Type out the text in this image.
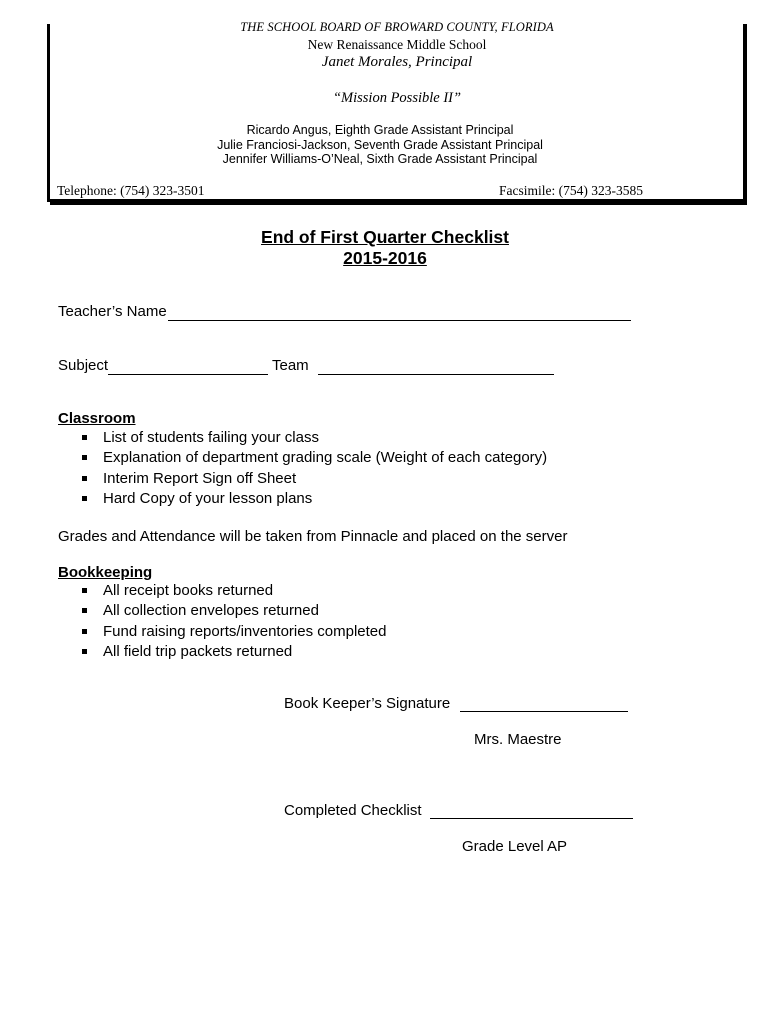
THE SCHOOL BOARD OF BROWARD COUNTY, FLORIDA
New Renaissance Middle School
Janet Morales, Principal
“Mission Possible II”
Ricardo Angus, Eighth Grade Assistant Principal
Julie Franciosi-Jackson, Seventh Grade Assistant Principal
Jennifer Williams-O’Neal, Sixth Grade Assistant Principal
Telephone: (754) 323-3501	Facsimile: (754) 323-3585
End of First Quarter Checklist
2015-2016
Teacher’s Name
Subject	Team
Classroom
List of students failing your class
Explanation of department grading scale (Weight of each category)
Interim Report Sign off Sheet
Hard Copy of your lesson plans
Grades and Attendance will be taken from Pinnacle and placed on the server
Bookkeeping
All receipt books returned
All collection envelopes returned
Fund raising reports/inventories completed
All field trip packets returned
Book Keeper’s Signature
Mrs. Maestre
Completed Checklist
Grade Level AP
